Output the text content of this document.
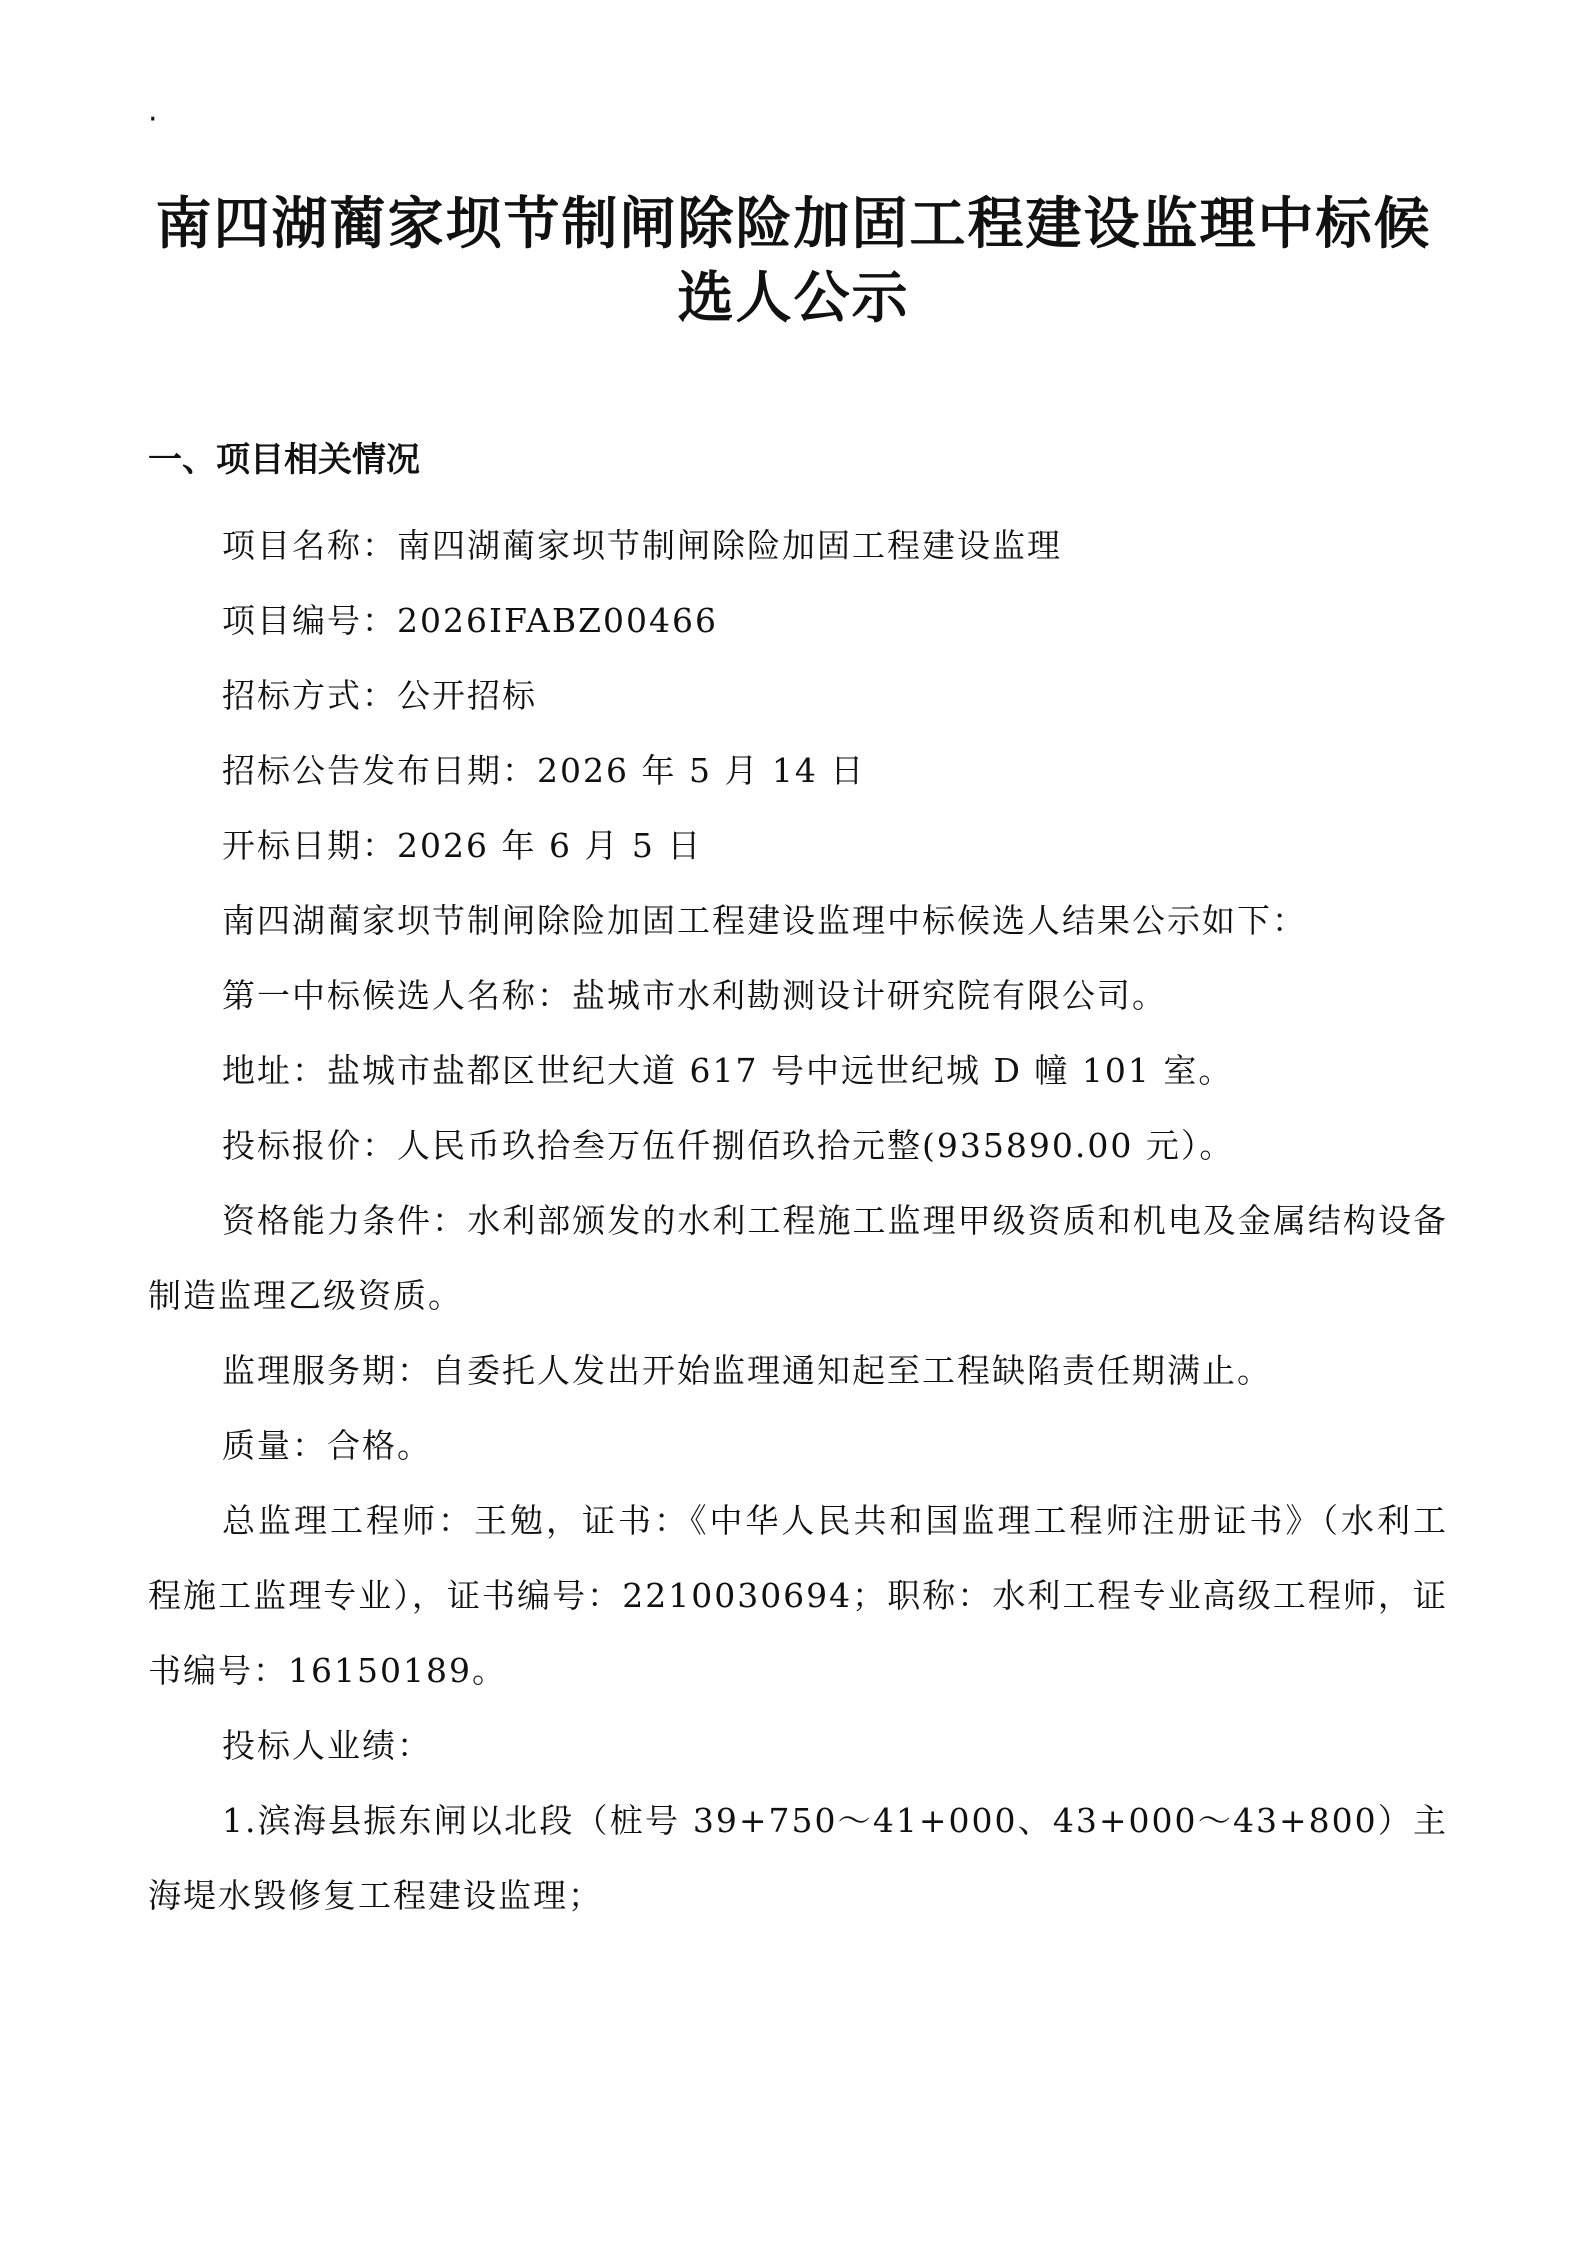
·
南四湖蔺家坝节制闸除险加固工程建设监理中标候选人公示
一、项目相关情况

项目名称：南四湖蔺家坝节制闸除险加固工程建设监理

项目编号：2026IFABZ00466

招标方式：公开招标

招标公告发布日期：2026 年 5 月 14 日

开标日期：2026 年 6 月 5 日

南四湖蔺家坝节制闸除险加固工程建设监理中标候选人结果公示如下：

第一中标候选人名称：盐城市水利勘测设计研究院有限公司。

地址：盐城市盐都区世纪大道 617 号中远世纪城 D 幢 101 室。

投标报价：人民币玖拾叁万伍仟捌佰玖拾元整(935890.00 元）。

资格能力条件：水利部颁发的水利工程施工监理甲级资质和机电及金属结构设备制造监理乙级资质。

监理服务期：自委托人发出开始监理通知起至工程缺陷责任期满止。

质量：合格。

总监理工程师：王勉，证书：《中华人民共和国监理工程师注册证书》（水利工程施工监理专业），证书编号：2210030694；职称：水利工程专业高级工程师，证书编号：16150189。

投标人业绩：

1.滨海县振东闸以北段（桩号 39+750～41+000、43+000～43+800）主海堤水毁修复工程建设监理；
